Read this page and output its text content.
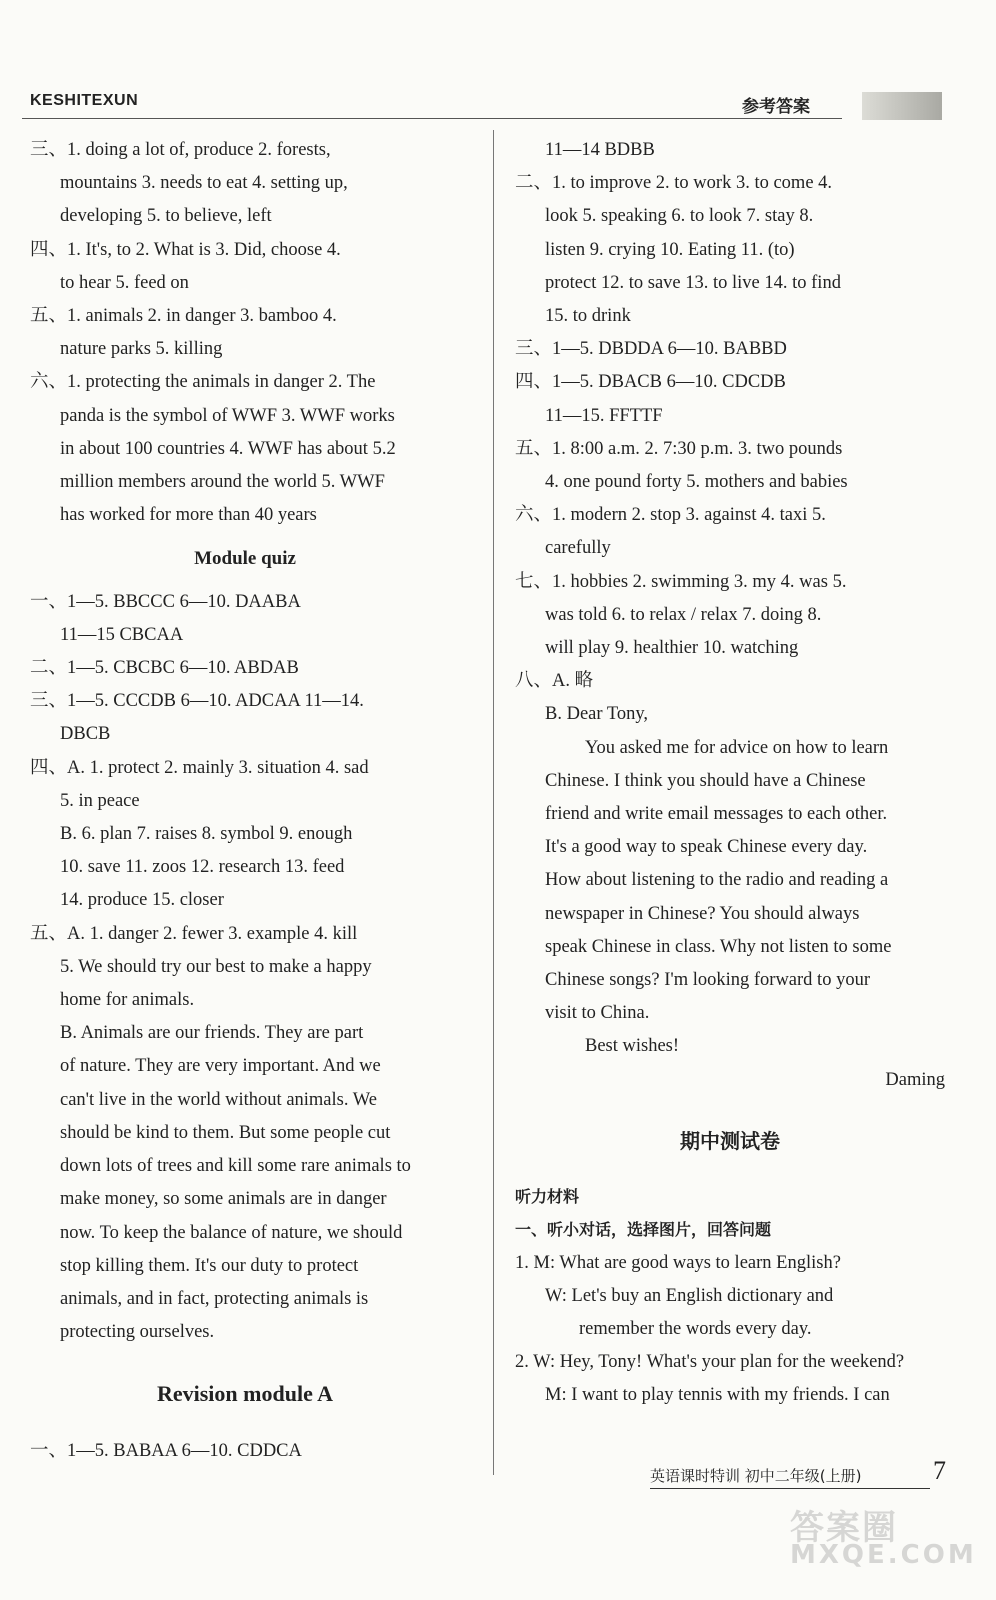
KESHITEXUN	参考答案

三、1. doing a lot of, produce 2. forests,

mountains 3. needs to eat 4. setting up,

developing 5. to believe, left

四、1. It's, to 2. What is 3. Did, choose 4.

to hear 5. feed on

五、1. animals 2. in danger 3. bamboo 4.

nature parks 5. killing

六、1. protecting the animals in danger 2. The

panda is the symbol of WWF 3. WWF works

in about 100 countries 4. WWF has about 5.2

million members around the world 5. WWF

has worked for more than 40 years

Module quiz

一、1—5. BBCCC 6—10. DAABA

11—15 CBCAA

二、1—5. CBCBC 6—10. ABDAB

三、1—5. CCCDB 6—10. ADCAA 11—14.

DBCB

四、A. 1. protect 2. mainly 3. situation 4. sad

5. in peace

B. 6. plan 7. raises 8. symbol 9. enough

10. save 11. zoos 12. research 13. feed

14. produce 15. closer

五、A. 1. danger 2. fewer 3. example 4. kill

5. We should try our best to make a happy

home for animals.

B. Animals are our friends. They are part

of nature. They are very important. And we

can't live in the world without animals. We

should be kind to them. But some people cut

down lots of trees and kill some rare animals to

make money, so some animals are in danger

now. To keep the balance of nature, we should

stop killing them. It's our duty to protect

animals, and in fact, protecting animals is

protecting ourselves.

Revision module A

一、1—5. BABAA 6—10. CDDCA

11—14 BDBB

二、1. to improve 2. to work 3. to come 4.

look 5. speaking 6. to look 7. stay 8.

listen 9. crying 10. Eating 11. (to)

protect 12. to save 13. to live 14. to find

15. to drink

三、1—5. DBDDA 6—10. BABBD

四、1—5. DBACB 6—10. CDCDB

11—15. FFTTF

五、1. 8:00 a.m. 2. 7:30 p.m. 3. two pounds

4. one pound forty 5. mothers and babies

六、1. modern 2. stop 3. against 4. taxi 5.

carefully

七、1. hobbies 2. swimming 3. my 4. was 5.

was told 6. to relax / relax 7. doing 8.

will play 9. healthier 10. watching

八、A. 略

B. Dear Tony,

You asked me for advice on how to learn

Chinese. I think you should have a Chinese

friend and write email messages to each other.

It's a good way to speak Chinese every day.

How about listening to the radio and reading a

newspaper in Chinese? You should always

speak Chinese in class. Why not listen to some

Chinese songs? I'm looking forward to your

visit to China.

Best wishes!

Daming

期中测试卷

听力材料

一、听小对话，选择图片，回答问题

1. M: What are good ways to learn English?

W: Let's buy an English dictionary and

remember the words every day.

2. W: Hey, Tony! What's your plan for the weekend?

M: I want to play tennis with my friends. I can

英语课时特训 初中二年级(上册)	7
答案圈
MXQE.COM
